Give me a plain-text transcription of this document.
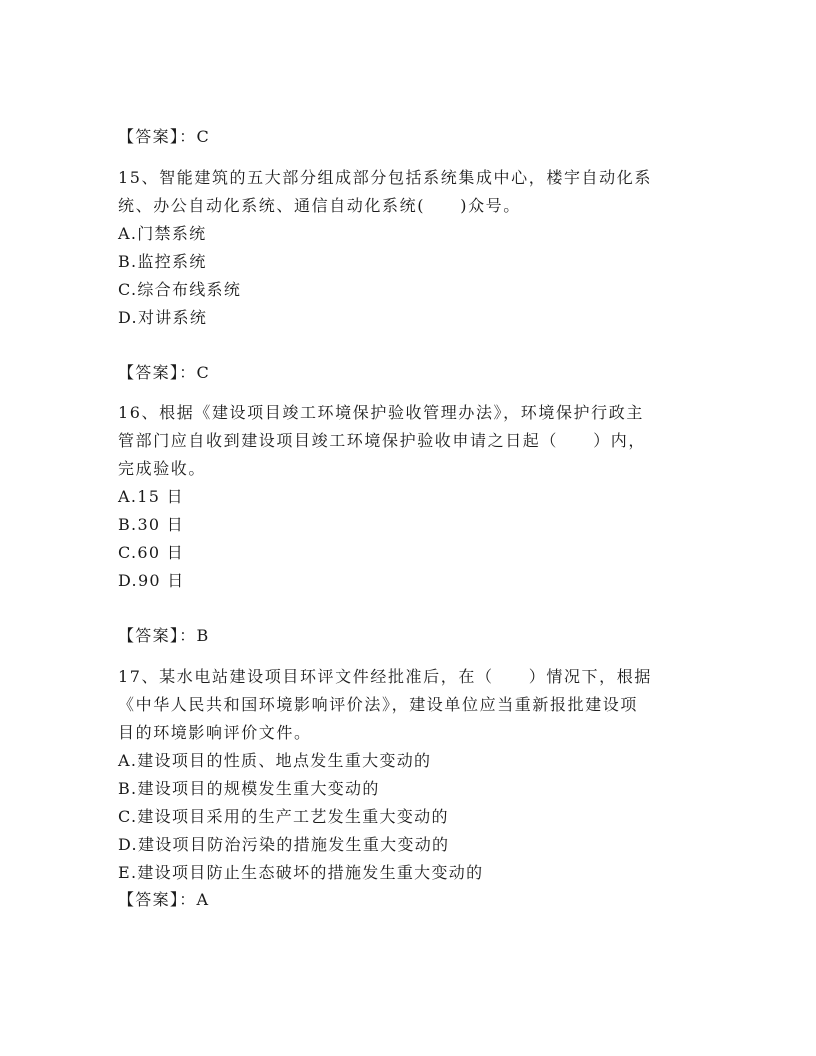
【答案】：C
15、智能建筑的五大部分组成部分包括系统集成中心，楼宇自动化系
统、办公自动化系统、通信自动化系统(　　)众号。
A.门禁系统
B.监控系统
C.综合布线系统
D.对讲系统
【答案】：C
16、根据《建设项目竣工环境保护验收管理办法》，环境保护行政主
管部门应自收到建设项目竣工环境保护验收申请之日起（　　）内，
完成验收。
A.15 日
B.30 日
C.60 日
D.90 日
【答案】：B
17、某水电站建设项目环评文件经批准后，在（　　）情况下，根据
《中华人民共和国环境影响评价法》，建设单位应当重新报批建设项
目的环境影响评价文件。
A.建设项目的性质、地点发生重大变动的
B.建设项目的规模发生重大变动的
C.建设项目采用的生产工艺发生重大变动的
D.建设项目防治污染的措施发生重大变动的
E.建设项目防止生态破坏的措施发生重大变动的
【答案】：A
